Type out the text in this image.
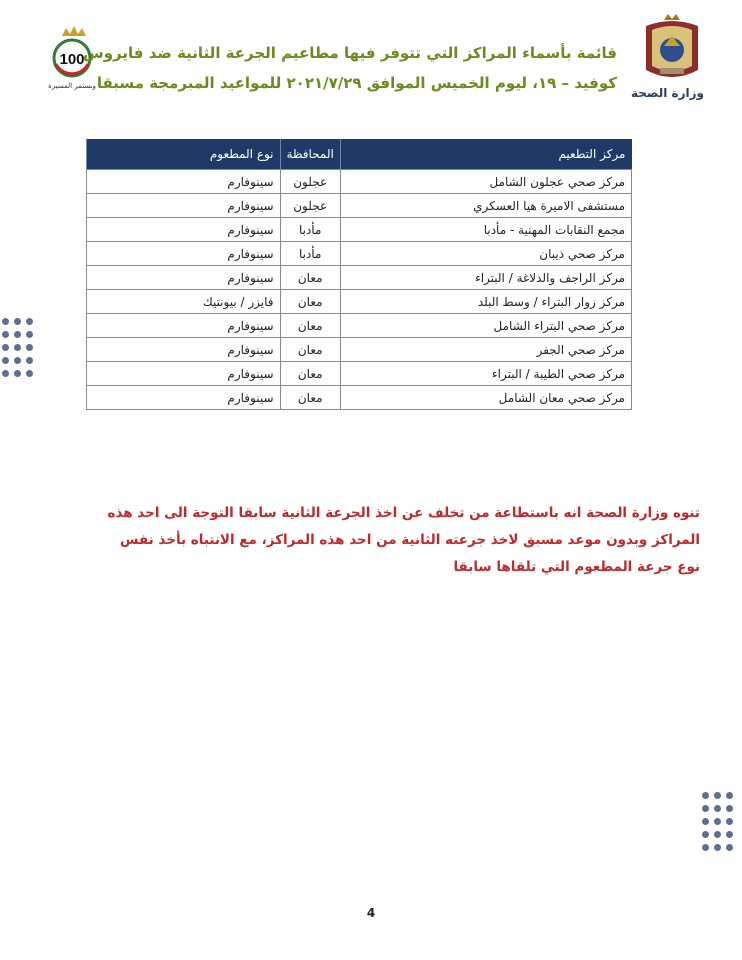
100
ونستمر المسيرة
قائمة بأسماء المراكز التي تتوفر فيها مطاعيم الجرعة الثانية ضد فايروس
كوفيد – ١٩، ليوم الخميس الموافق ٢٠٢١/٧/٢٩ للمواعيد المبرمجة مسبقا
وزارة الصحة
مركز التطعيم	المحافظة	نوع المطعوم
مركز صحي عجلون الشامل	عجلون	سينوفارم
مستشفى الاميرة هيا العسكري	عجلون	سينوفارم
مجمع النقابات المهنية - مأدبا	مأدبا	سينوفارم
مركز صحي ذيبان	مأدبا	سينوفارم
مركز الراجف والدلاغة / البتراء	معان	سينوفارم
مركز زوار البتراء / وسط البلد	معان	فايزر / بيونتيك
مركز صحي البتراء الشامل	معان	سينوفارم
مركز صحي الجفر	معان	سينوفارم
مركز صحي الطيبة / البتراء	معان	سينوفارم
مركز صحي معان الشامل	معان	سينوفارم
تنوه وزارة الصحة انه باستطاعة من تخلف عن اخذ الجرعة الثانية سابقا التوجة الى احد هذه المراكز وبدون موعد مسبق لاخذ جرعته الثانية من احد هذه المراكز، مع الانتباه بأخذ نفس نوع جرعة المطعوم التي تلقاها سابقا
4
